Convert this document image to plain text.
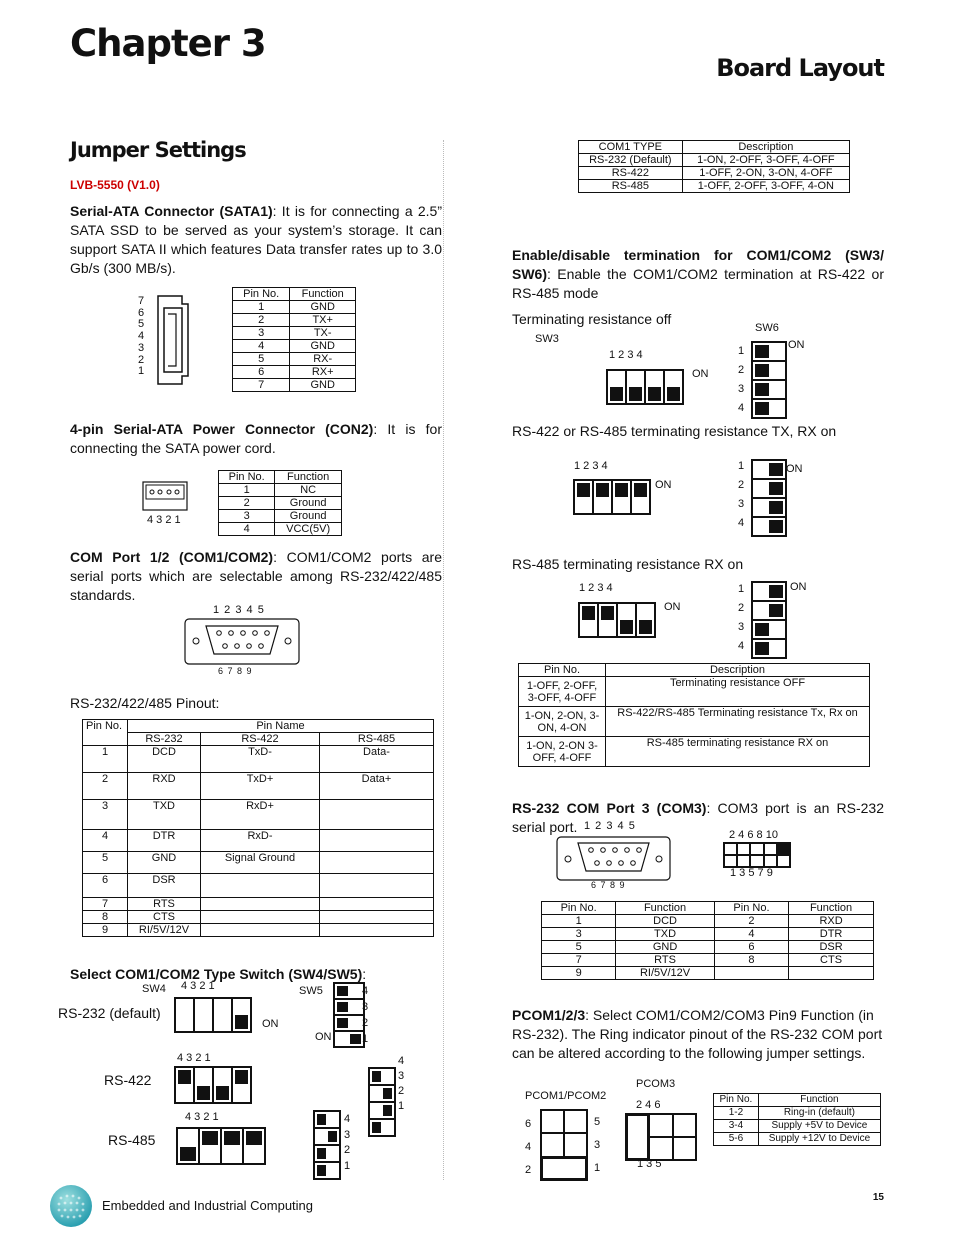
Chapter 3
Board Layout
Jumper Settings
LVB-5550 (V1.0)
Serial-ATA Connector (SATA1): It is for connecting a 2.5” SATA SSD to be served as your system’s storage. It can support SATA II which features Data transfer rates up to 3.0 Gb/s (300 MB/s).
7
6
5
4
3
2
1
Pin No.	Function
1	GND
2	TX+
3	TX-
4	GND
5	RX-
6	RX+
7	GND
4-pin Serial-ATA Power Connector (CON2): It is for connecting the SATA power cord.
4 3 2 1
Pin No.	Function
1	NC
2	Ground
3	Ground
4	VCC(5V)
COM Port 1/2 (COM1/COM2): COM1/COM2 ports are serial ports which are selectable among RS-232/422/485 standards.
1 2 3 4 5
6 7 8 9
RS-232/422/485 Pinout:
Pin No.	Pin Name		
	RS-232	RS-422	RS-485
1	DCD	TxD-	Data-
2	RXD	TxD+	Data+
3	TXD	RxD+	
4	DTR	RxD-	
5	GND	Signal Ground	
6	DSR		
7	RTS		
8	CTS		
9	RI/5V/12V		
Select COM1/COM2 Type Switch (SW4/SW5):
SW4 4 3 2 1
RS-232 (default)
ON
SW5	4
3
2
1
ON
4 3 2 1
RS-422
4
3
2
1
4 3 2 1
RS-485
4
3
2
1
COM1 TYPE	Description
RS-232 (Default)	1-ON, 2-OFF, 3-OFF, 4-OFF
RS-422	1-OFF, 2-ON, 3-ON, 4-OFF
RS-485	1-OFF, 2-OFF, 3-OFF, 4-ON
Enable/disable termination for COM1/COM2 (SW3/ SW6): Enable the COM1/COM2 termination at RS-422 or RS-485 mode
Terminating resistance off
SW3
SW6
1 2 3 4
ON
1
2
3
4
ON
RS-422 or RS-485 terminating resistance TX, RX on
1 2 3 4
ON
1
2
3
4
ON
RS-485 terminating resistance RX on
1 2 3 4
ON
1
2
3
4
ON
Pin No.	Description
1-OFF, 2-OFF, 3-OFF, 4-OFF	Terminating resistance OFF
1-ON, 2-ON, 3-ON, 4-ON	RS-422/RS-485 Terminating resistance Tx, Rx on
1-ON, 2-ON 3-OFF, 4-OFF	RS-485 terminating resistance RX on
RS-232 COM Port 3 (COM3): COM3 port is an RS-232 serial port. 1 2 3 4 5
6 7 8 9
2 4 6 8 10
1 3 5 7 9
Pin No.	Function	Pin No.	Function
1	DCD	2	RXD
3	TXD	4	DTR
5	GND	6	DSR
7	RTS	8	CTS
9	RI/5V/12V		
PCOM1/2/3: Select COM1/COM2/COM3 Pin9 Function (in RS-232). The Ring indicator pinout of the RS-232 COM port can be altered according to the following jumper settings.
PCOM3
PCOM1/PCOM2
6
4
2
5
3
1
2 4 6
1 3 5
Pin No.	Function
1-2	Ring-in (default)
3-4	Supply +5V to Device
5-6	Supply +12V to Device
Embedded and Industrial Computing
15
